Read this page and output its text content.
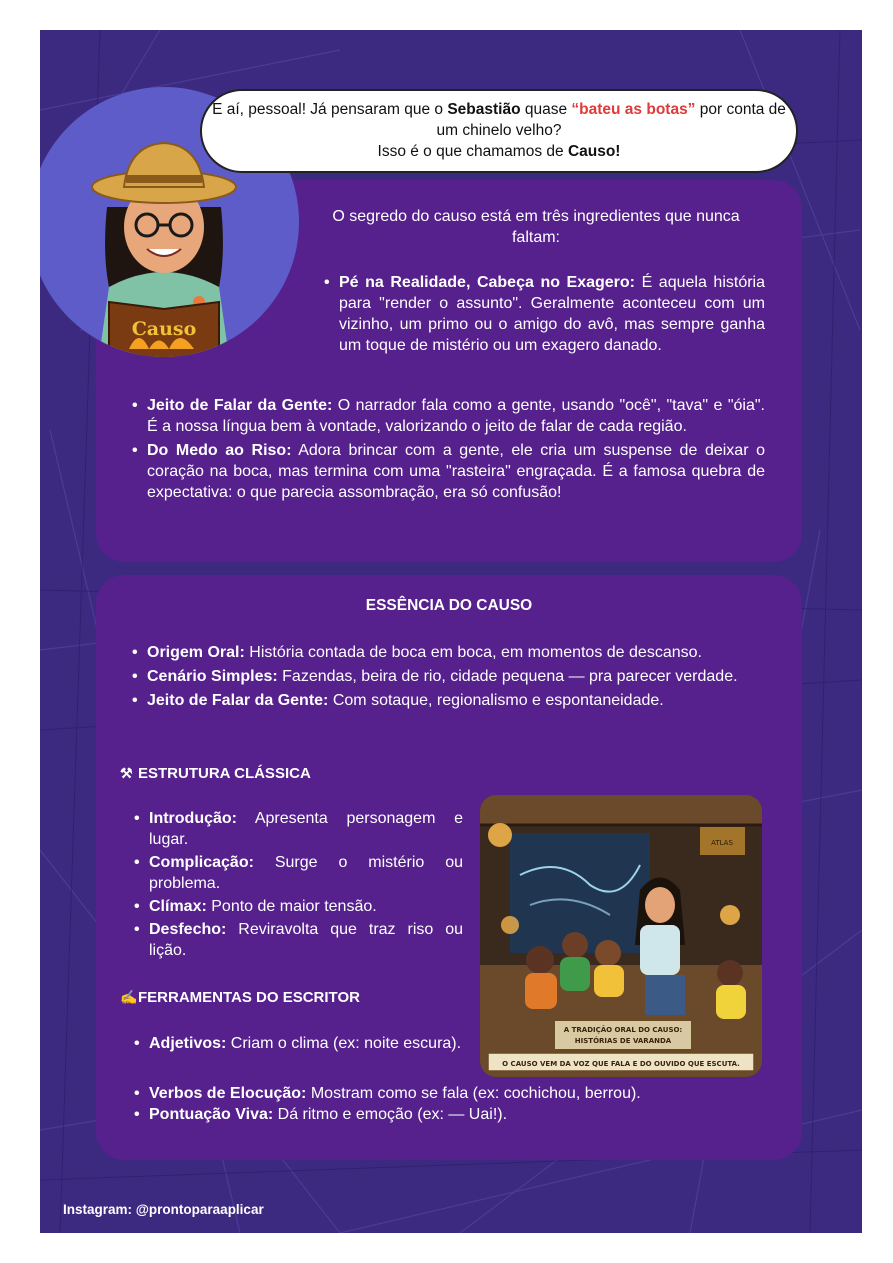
O segredo do causo está em três ingredientes que nunca faltam:
• Pé na Realidade, Cabeça no Exagero: É aquela história para "render o assunto". Geralmente aconteceu com um vizinho, um primo ou o amigo do avô, mas sempre ganha um toque de mistério ou um exagero danado.
• Jeito de Falar da Gente: O narrador fala como a gente, usando "ocê", "tava" e "óia". É a nossa língua bem à vontade, valorizando o jeito de falar de cada região.
• Do Medo ao Riso: Adora brincar com a gente, ele cria um suspense de deixar o coração na boca, mas termina com uma "rasteira" engraçada. É a famosa quebra de expectativa: o que parecia assombração, era só confusão!
Causo
E aí, pessoal! Já pensaram que o Sebastião quase “bateu as botas” por conta de um chinelo velho?
Isso é o que chamamos de Causo!
ESSÊNCIA DO CAUSO
• Origem Oral: História contada de boca em boca, em momentos de descanso.
• Cenário Simples: Fazendas, beira de rio, cidade pequena — pra parecer verdade.
• Jeito de Falar da Gente: Com sotaque, regionalismo e espontaneidade.
⚒ ESTRUTURA CLÁSSICA
• Introdução: Apresenta personagem e lugar.
• Complicação: Surge o mistério ou problema.
• Clímax: Ponto de maior tensão.
• Desfecho: Reviravolta que traz riso ou lição.
✍FERRAMENTAS DO ESCRITOR
• Adjetivos: Criam o clima (ex: noite escura).
• Verbos de Elocução: Mostram como se fala (ex: cochichou, berrou).
• Pontuação Viva: Dá ritmo e emoção (ex: — Uai!).
ATLAS
A TRADIÇÃO ORAL DO CAUSO:
HISTÓRIAS DE VARANDA
O CAUSO VEM DA VOZ QUE FALA E DO OUVIDO QUE ESCUTA.
Instagram: @prontoparaaplicar
